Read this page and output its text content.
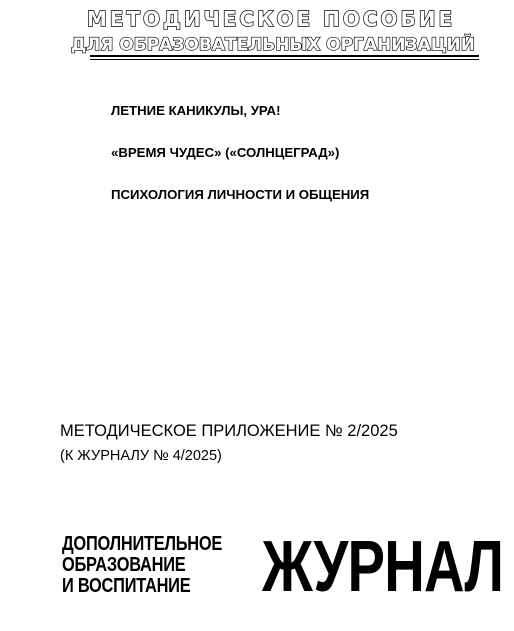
МЕТОДИЧЕСКОЕ ПОСОБИЕ
ДЛЯ ОБРАЗОВАТЕЛЬНЫХ ОРГАНИЗАЦИЙ
ЛЕТНИЕ КАНИКУЛЫ, УРА!
«ВРЕМЯ ЧУДЕС» («СОЛНЦЕГРАД»)
ПСИХОЛОГИЯ ЛИЧНОСТИ И ОБЩЕНИЯ
МЕТОДИЧЕСКОЕ ПРИЛОЖЕНИЕ № 2/2025
(К ЖУРНАЛУ № 4/2025)
ДОПОЛНИТЕЛЬНОЕ
ОБРАЗОВАНИЕ
И ВОСПИТАНИЕ ЖУРНАЛ
